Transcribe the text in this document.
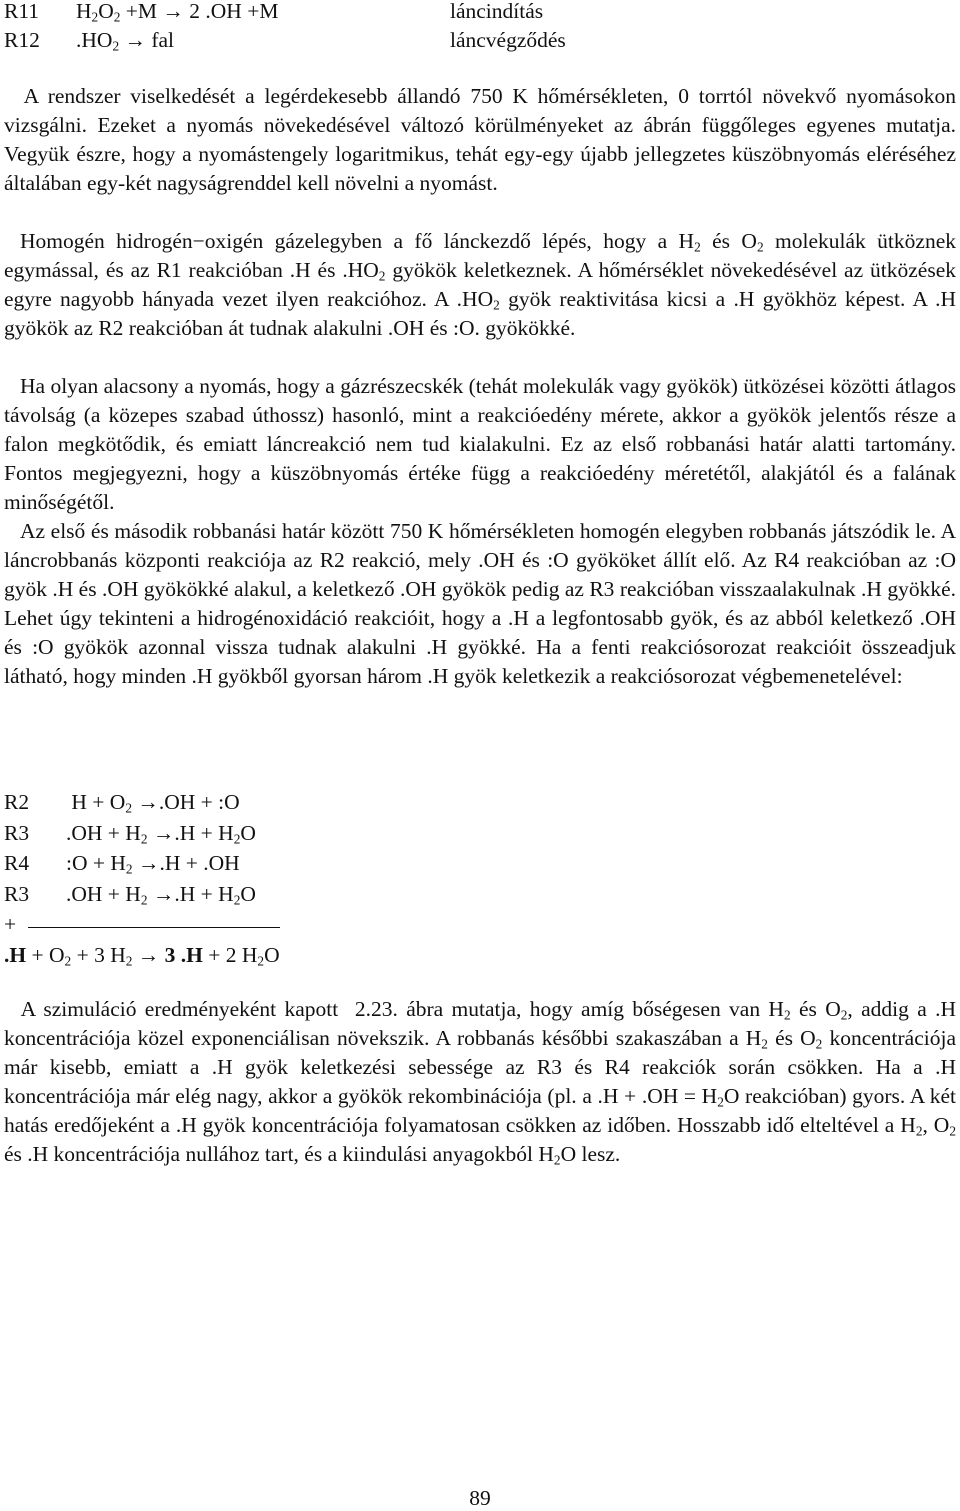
R11	$H_2O_2 +M \to 2$ .OH +M	láncindítás
R12	$.HO_2$ → fal	láncvégződés

A rendszer viselkedését a legérdekesebb állandó 750 K hőmérsékleten, 0 torrtól növekvő nyomásokon vizsgálni. Ezeket a nyomás növekedésével változó körülményeket az ábrán függőleges egyenes mutatja. Vegyük észre, hogy a nyomástengely logaritmikus, tehát egy-egy újabb jellegzetes küszöbnyomás eléréséhez általában egy-két nagyságrenddel kell növelni a nyomást.

Homogén hidrogén−oxigén gázelegyben a fő lánckezdő lépés, hogy a $H_2$ és $O_2$ molekulák ütköznek egymással, és az R1 reakcióban .H és $.HO_2$ gyökök keletkeznek. A hőmérséklet növekedésével az ütközések egyre nagyobb hányada vezet ilyen reakcióhoz. A $.HO_2$ gyök reaktivitása kicsi a .H gyökhöz képest. A .H gyökök az R2 reakcióban át tudnak alakulni .OH és :O. gyökökké.

Ha olyan alacsony a nyomás, hogy a gázrészecskék (tehát molekulák vagy gyökök) ütközései közötti átlagos távolság (a közepes szabad úthossz) hasonló, mint a reakcióedény mérete, akkor a gyökök jelentős része a falon megkötődik, és emiatt láncreakció nem tud kialakulni. Ez az első robbanási határ alatti tartomány. Fontos megjegyezni, hogy a küszöbnyomás értéke függ a reakcióedény méretétől, alakjától és a falának minőségétől.

Az első és második robbanási határ között 750 K hőmérsékleten homogén elegyben robbanás játszódik le. A láncrobbanás központi reakciója az R2 reakció, mely .OH és :O gyököket állít elő. Az R4 reakcióban az :O gyök .H és .OH gyökökké alakul, a keletkező .OH gyökök pedig az R3 reakcióban visszaalakulnak .H gyökké. Lehet úgy tekinteni a hidrogénoxidáció reakcióit, hogy a .H a legfontosabb gyök, és az abból keletkező .OH és :O gyökök azonnal vissza tudnak alakulni .H gyökké. Ha a fenti reakciósorozat reakcióit összeadjuk látható, hogy minden .H gyökből gyorsan három .H gyök keletkezik a reakciósorozat végbemenetelével:

R2	$H + O_2 \to.OH$ + :O
R3	$.OH + H_2 \to.H + H_2O$
R4	:O + $H_2 \to.H + .OH$
R3	$.OH + H_2 \to.H + H_2O$
+
$.H + O_2 + 3$ $H_2 \to 3$ .H + 2 $H_2O$

A szimuláció eredményeként kapott  2.23. ábra mutatja, hogy amíg bőségesen van $H_2$ és $O_2$, addig a .H koncentrációja közel exponenciálisan növekszik. A robbanás későbbi szakaszában a $H_2$ és $O_2$ koncentrációja már kisebb, emiatt a .H gyök keletkezési sebessége az R3 és R4 reakciók során csökken. Ha a .H koncentrációja már elég nagy, akkor a gyökök rekombinációja (pl. a $.H + .OH = H_2O$ reakcióban) gyors. A két hatás eredőjeként a .H gyök koncentrációja folyamatosan csökken az időben. Hosszabb idő elteltével a $H_2$, $O_2$ és .H koncentrációja nullához tart, és a kiindulási anyagokból $H_2O$ lesz.

89
